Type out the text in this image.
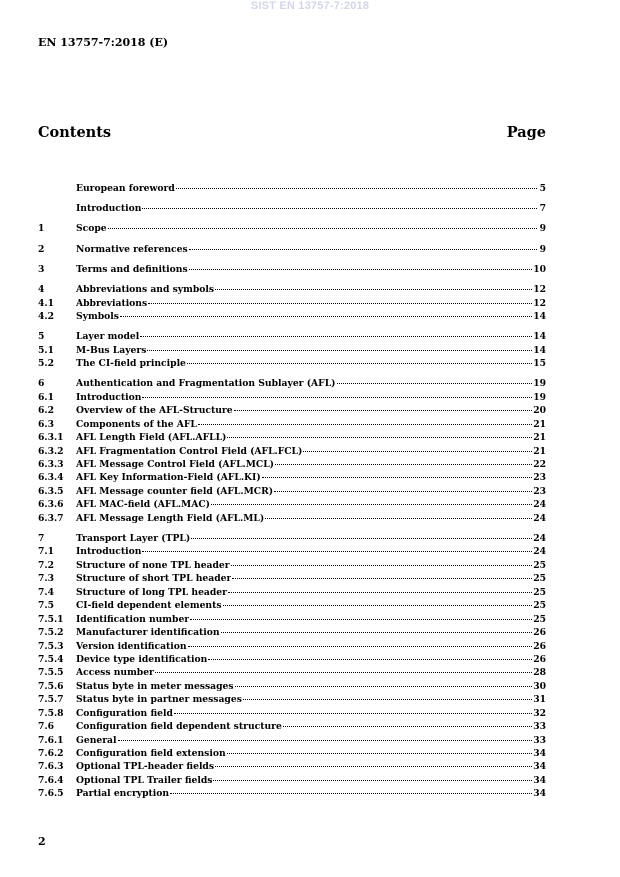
SIST EN 13757-7:2018
EN 13757-7:2018 (E)
Contents	Page
European foreword	5
Introduction	7
1	Scope	9
2	Normative references	9
3	Terms and definitions	10
4	Abbreviations and symbols	12
4.1	Abbreviations	12
4.2	Symbols	14
5	Layer model	14
5.1	M-Bus Layers	14
5.2	The CI-field principle	15
6	Authentication and Fragmentation Sublayer (AFL)	19
6.1	Introduction	19
6.2	Overview of the AFL-Structure	20
6.3	Components of the AFL	21
6.3.1	AFL Length Field (AFL.AFLL)	21
6.3.2	AFL Fragmentation Control Field (AFL.FCL)	21
6.3.3	AFL Message Control Field (AFL.MCL)	22
6.3.4	AFL Key Information-Field (AFL.KI)	23
6.3.5	AFL Message counter field (AFL.MCR)	23
6.3.6	AFL MAC-field (AFL.MAC)	24
6.3.7	AFL Message Length Field (AFL.ML)	24
7	Transport Layer (TPL)	24
7.1	Introduction	24
7.2	Structure of none TPL header	25
7.3	Structure of short TPL header	25
7.4	Structure of long TPL header	25
7.5	CI-field dependent elements	25
7.5.1	Identification number	25
7.5.2	Manufacturer identification	26
7.5.3	Version identification	26
7.5.4	Device type identification	26
7.5.5	Access number	28
7.5.6	Status byte in meter messages	30
7.5.7	Status byte in partner messages	31
7.5.8	Configuration field	32
7.6	Configuration field dependent structure	33
7.6.1	General	33
7.6.2	Configuration field extension	34
7.6.3	Optional TPL-header fields	34
7.6.4	Optional TPL Trailer fields	34
7.6.5	Partial encryption	34
2
